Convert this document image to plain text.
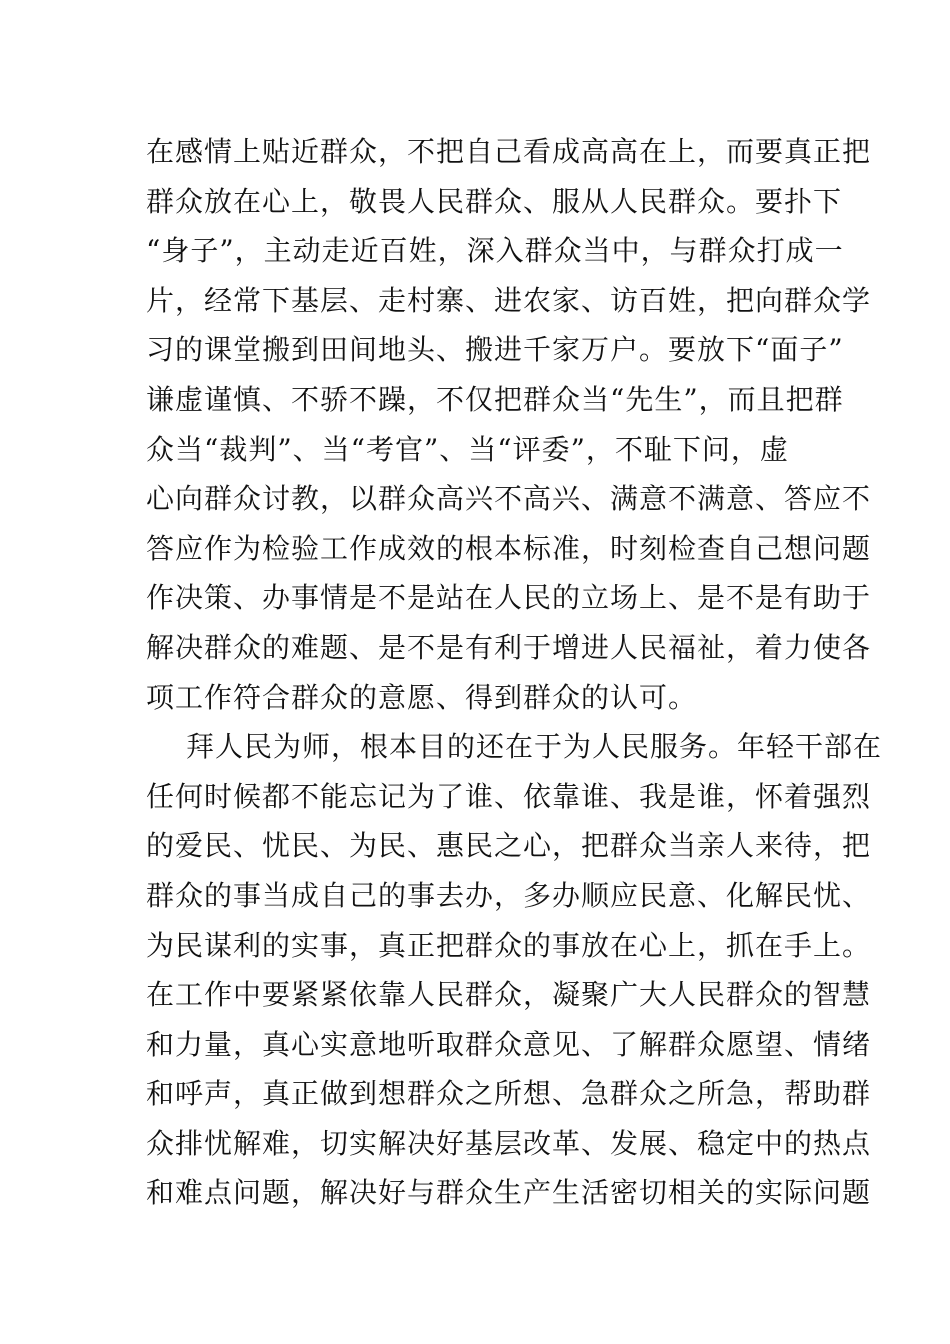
在感情上贴近群众，不把自己看成高高在上，而要真正把
群众放在心上，敬畏人民群众、服从人民群众。要扑下
“身子”，主动走近百姓，深入群众当中，与群众打成一
片，经常下基层、走村寨、进农家、访百姓，把向群众学
习的课堂搬到田间地头、搬进千家万户。要放下“面子”
谦虚谨慎、不骄不躁，不仅把群众当“先生”，而且把群
众当“裁判”、当“考官”、当“评委”，不耻下问，虚
心向群众讨教，以群众高兴不高兴、满意不满意、答应不
答应作为检验工作成效的根本标准，时刻检查自己想问题
作决策、办事情是不是站在人民的立场上、是不是有助于
解决群众的难题、是不是有利于增进人民福祉，着力使各
项工作符合群众的意愿、得到群众的认可。
拜人民为师，根本目的还在于为人民服务。年轻干部在
任何时候都不能忘记为了谁、依靠谁、我是谁，怀着强烈
的爱民、忧民、为民、惠民之心，把群众当亲人来待，把
群众的事当成自己的事去办，多办顺应民意、化解民忧、
为民谋利的实事，真正把群众的事放在心上，抓在手上。
在工作中要紧紧依靠人民群众，凝聚广大人民群众的智慧
和力量，真心实意地听取群众意见、了解群众愿望、情绪
和呼声，真正做到想群众之所想、急群众之所急，帮助群
众排忧解难，切实解决好基层改革、发展、稳定中的热点
和难点问题，解决好与群众生产生活密切相关的实际问题
